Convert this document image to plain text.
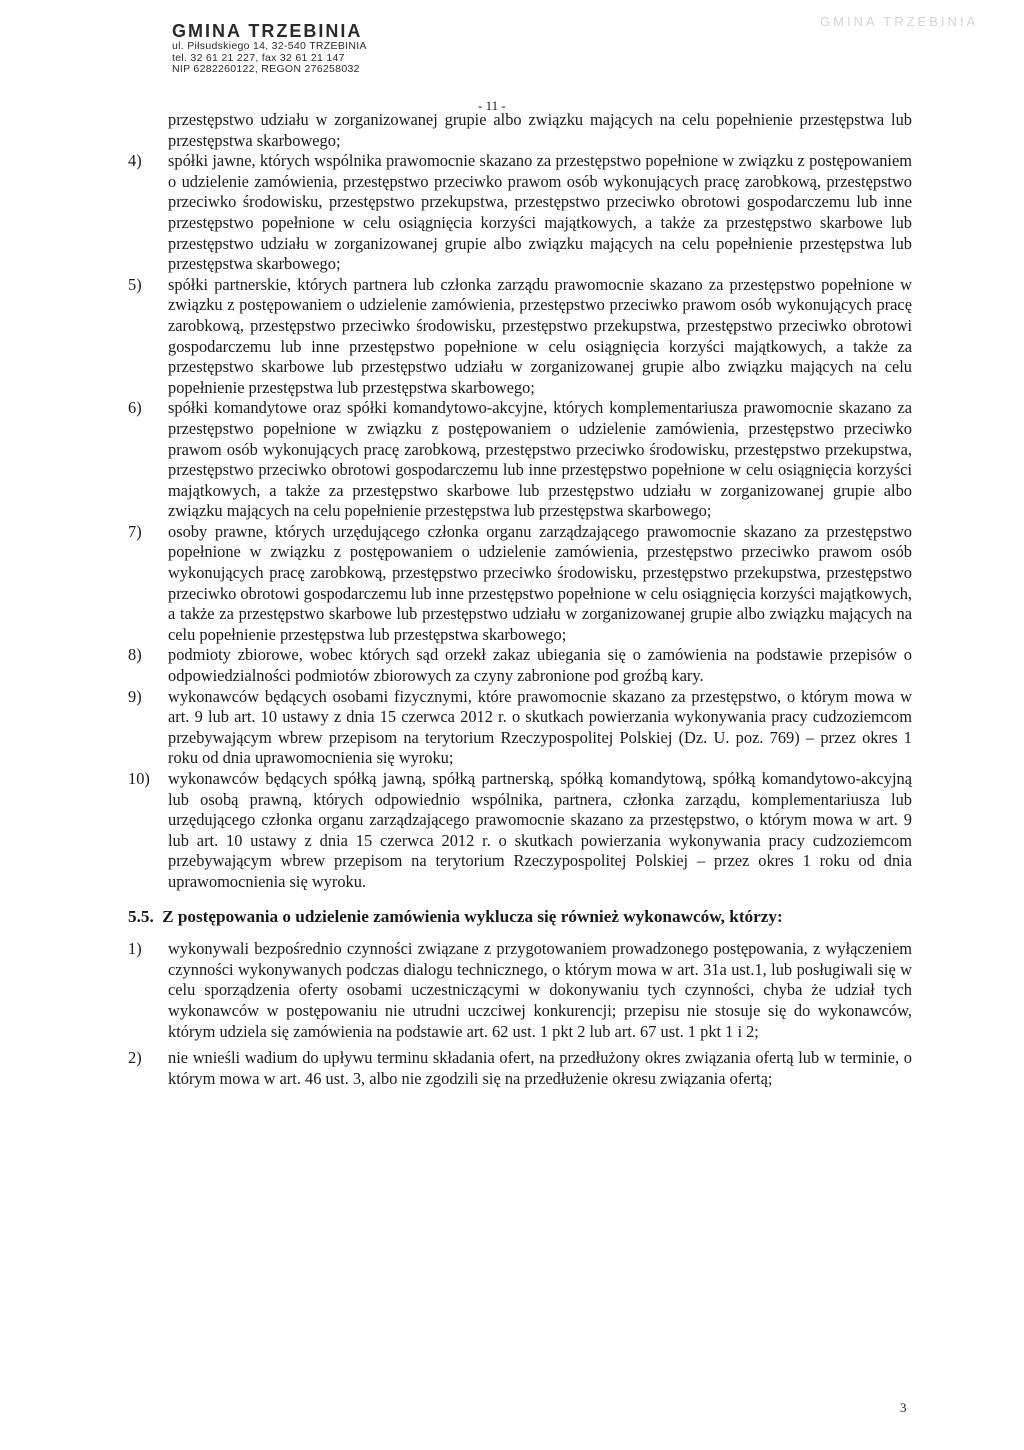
GMINA TRZEBINIA
ul. Piłsudskiego 14, 32-540 TRZEBINIA
tel. 32 61 21 227, fax 32 61 21 147
NIP 6282260122, REGON 276258032
GMINA TRZEBINIA
- 11 -
przestępstwo udziału w zorganizowanej grupie albo związku mających na celu popełnienie przestępstwa lub przestępstwa skarbowego;
4) spółki jawne, których wspólnika prawomocnie skazano za przestępstwo popełnione w związku z postępowaniem o udzielenie zamówienia, przestępstwo przeciwko prawom osób wykonujących pracę zarobkową, przestępstwo przeciwko środowisku, przestępstwo przekupstwa, przestępstwo przeciwko obrotowi gospodarczemu lub inne przestępstwo popełnione w celu osiągnięcia korzyści majątkowych, a także za przestępstwo skarbowe lub przestępstwo udziału w zorganizowanej grupie albo związku mających na celu popełnienie przestępstwa lub przestępstwa skarbowego;
5) spółki partnerskie, których partnera lub członka zarządu prawomocnie skazano za przestępstwo popełnione w związku z postępowaniem o udzielenie zamówienia, przestępstwo przeciwko prawom osób wykonujących pracę zarobkową, przestępstwo przeciwko środowisku, przestępstwo przekupstwa, przestępstwo przeciwko obrotowi gospodarczemu lub inne przestępstwo popełnione w celu osiągnięcia korzyści majątkowych, a także za przestępstwo skarbowe lub przestępstwo udziału w zorganizowanej grupie albo związku mających na celu popełnienie przestępstwa lub przestępstwa skarbowego;
6) spółki komandytowe oraz spółki komandytowo-akcyjne, których komplementariusza prawomocnie skazano za przestępstwo popełnione w związku z postępowaniem o udzielenie zamówienia, przestępstwo przeciwko prawom osób wykonujących pracę zarobkową, przestępstwo przeciwko środowisku, przestępstwo przekupstwa, przestępstwo przeciwko obrotowi gospodarczemu lub inne przestępstwo popełnione w celu osiągnięcia korzyści majątkowych, a także za przestępstwo skarbowe lub przestępstwo udziału w zorganizowanej grupie albo związku mających na celu popełnienie przestępstwa lub przestępstwa skarbowego;
7) osoby prawne, których urzędującego członka organu zarządzającego prawomocnie skazano za przestępstwo popełnione w związku z postępowaniem o udzielenie zamówienia, przestępstwo przeciwko prawom osób wykonujących pracę zarobkową, przestępstwo przeciwko środowisku, przestępstwo przekupstwa, przestępstwo przeciwko obrotowi gospodarczemu lub inne przestępstwo popełnione w celu osiągnięcia korzyści majątkowych, a także za przestępstwo skarbowe lub przestępstwo udziału w zorganizowanej grupie albo związku mających na celu popełnienie przestępstwa lub przestępstwa skarbowego;
8) podmioty zbiorowe, wobec których sąd orzekł zakaz ubiegania się o zamówienia na podstawie przepisów o odpowiedzialności podmiotów zbiorowych za czyny zabronione pod groźbą kary.
9) wykonawców będących osobami fizycznymi, które prawomocnie skazano za przestępstwo, o którym mowa w art. 9 lub art. 10 ustawy z dnia 15 czerwca 2012 r. o skutkach powierzania wykonywania pracy cudzoziemcom przebywającym wbrew przepisom na terytorium Rzeczypospolitej Polskiej (Dz. U. poz. 769) – przez okres 1 roku od dnia uprawomocnienia się wyroku;
10) wykonawców będących spółką jawną, spółką partnerską, spółką komandytową, spółką komandytowo-akcyjną lub osobą prawną, których odpowiednio wspólnika, partnera, członka zarządu, komplementariusza lub urzędującego członka organu zarządzającego prawomocnie skazano za przestępstwo, o którym mowa w art. 9 lub art. 10 ustawy z dnia 15 czerwca 2012 r. o skutkach powierzania wykonywania pracy cudzoziemcom przebywającym wbrew przepisom na terytorium Rzeczypospolitej Polskiej – przez okres 1 roku od dnia uprawomocnienia się wyroku.
5.5. Z postępowania o udzielenie zamówienia wyklucza się również wykonawców, którzy:
1) wykonywali bezpośrednio czynności związane z przygotowaniem prowadzonego postępowania, z wyłączeniem czynności wykonywanych podczas dialogu technicznego, o którym mowa w art. 31a ust.1, lub posługiwali się w celu sporządzenia oferty osobami uczestniczącymi w dokonywaniu tych czynności, chyba że udział tych wykonawców w postępowaniu nie utrudni uczciwej konkurencji; przepisu nie stosuje się do wykonawców, którym udziela się zamówienia na podstawie art. 62 ust. 1 pkt 2 lub art. 67 ust. 1 pkt 1 i 2;
2) nie wnieśli wadium do upływu terminu składania ofert, na przedłużony okres związania ofertą lub w terminie, o którym mowa w art. 46 ust. 3, albo nie zgodzili się na przedłużenie okresu związania ofertą;
3
